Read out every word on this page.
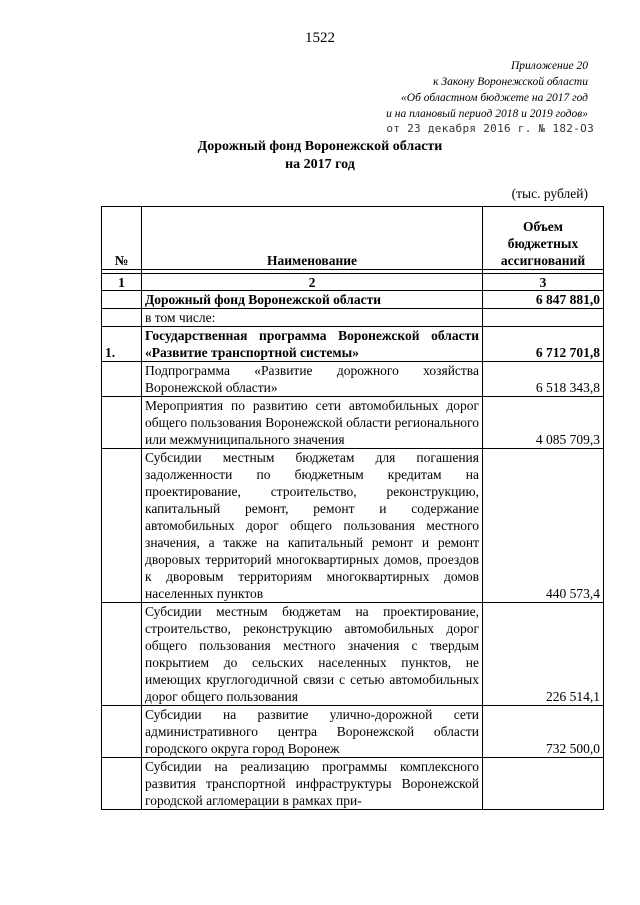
1522
Приложение 20
к Закону Воронежской области
«Об областном бюджете на 2017 год
и на плановый период 2018 и 2019 годов»
от 23 декабря 2016 г. № 182-ОЗ
Дорожный фонд Воронежской области
на 2017 год
(тыс. рублей)
№	Наименование	Объем
бюджетных
ассигнований

1	2	3
	Дорожный фонд Воронежской области	6 847 881,0
	в том числе:	
1.	Государственная программа Воронежской области «Развитие транспортной системы»	6 712 701,8
	Подпрограмма «Развитие дорожного хозяйства Воронежской области»	6 518 343,8
	Мероприятия по развитию сети автомобильных дорог общего пользования Воронежской области регионального или межмуниципального значения	4 085 709,3
	Субсидии местным бюджетам для погашения задолженности по бюджетным кредитам на проектирование, строительство, реконструкцию, капитальный ремонт, ремонт и содержание автомобильных дорог общего пользования местного значения, а также на капитальный ремонт и ремонт дворовых территорий многоквартирных домов, проездов к дворовым территориям многоквартирных домов населенных пунктов	440 573,4
	Субсидии местным бюджетам на проектирование, строительство, реконструкцию автомобильных дорог общего пользования местного значения с твердым покрытием до сельских населенных пунктов, не имеющих круглогодичной связи с сетью автомобильных дорог общего пользования	226 514,1
	Субсидии на развитие улично-дорожной сети административного центра Воронежской области городского округа город Воронеж	732 500,0
	Субсидии на реализацию программы комплексного развития транспортной инфраструктуры Воронежской городской агломерации в рамках при-	
